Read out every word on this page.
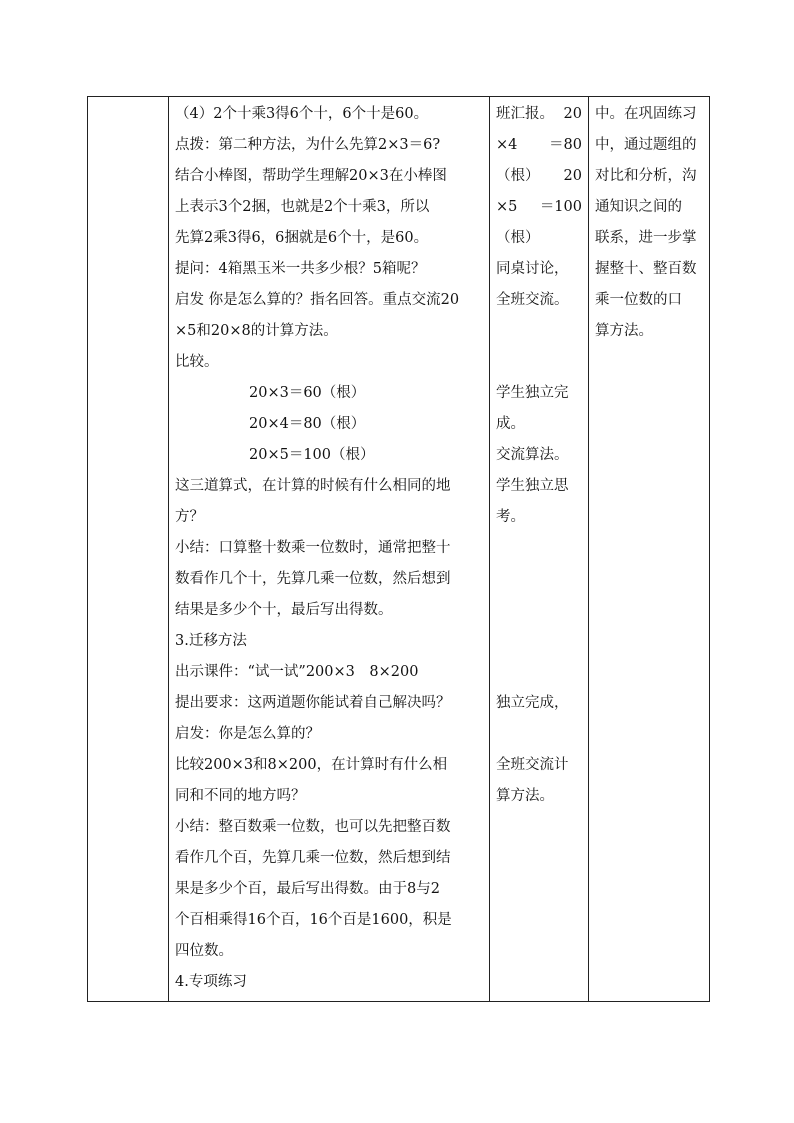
（4）2个十乘3得6个十，6个十是60。
点拨：第二种方法，为什么先算2×3＝6?
结合小棒图，帮助学生理解20×3在小棒图
上表示3个2捆，也就是2个十乘3，所以
先算2乘3得6，6捆就是6个十，是60。
提问：4箱黑玉米一共多少根？5箱呢？
启发 你是怎么算的？指名回答。重点交流20
×5和20×8的计算方法。
比较。
20×3＝60（根）
20×4＝80（根）
20×5＝100（根）
这三道算式，在计算的时候有什么相同的地
方？
小结：口算整十数乘一位数时，通常把整十
数看作几个十，先算几乘一位数，然后想到
结果是多少个十，最后写出得数。
3.迁移方法
出示课件：“试一试”200×3　8×200
提出要求：这两道题你能试着自己解决吗？
启发：你是怎么算的？
比较200×3和8×200，在计算时有什么相
同和不同的地方吗？
小结：整百数乘一位数，也可以先把整百数
看作几个百，先算几乘一位数，然后想到结
果是多少个百，最后写出得数。由于8与2
个百相乘得16个百，16个百是1600，积是
四位数。
4.专项练习

班汇报。 20
×4 ＝80
（根） 20
×5 ＝100
（根）
同桌讨论，
全班交流。
学生独立完
成。
交流算法。
学生独立思
考。
独立完成，
全班交流计
算方法。

中。在巩固练习
中，通过题组的
对比和分析，沟
通知识之间的
联系，进一步掌
握整十、整百数
乘一位数的口
算方法。
